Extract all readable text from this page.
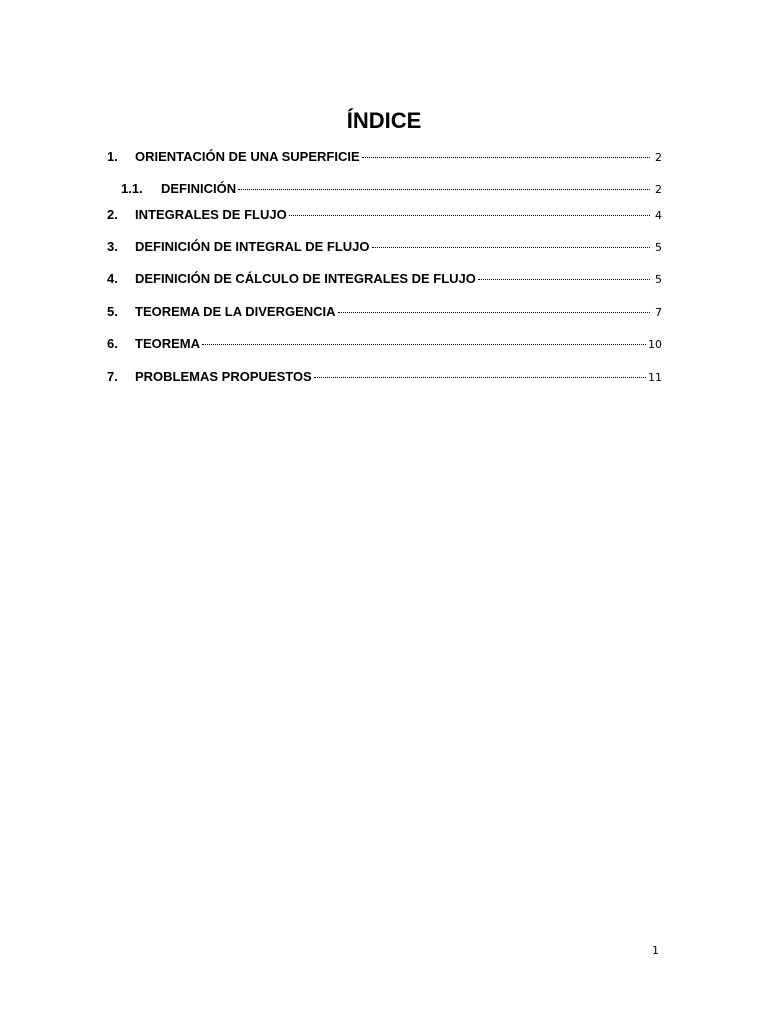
ÍNDICE
1.	ORIENTACIÓN DE UNA SUPERFICIE	2
1.1.	DEFINICIÓN	2
2.	INTEGRALES DE FLUJO	4
3.	DEFINICIÓN DE INTEGRAL DE FLUJO	5
4.	DEFINICIÓN DE CÁLCULO DE INTEGRALES DE FLUJO	5
5.	TEOREMA DE LA DIVERGENCIA	7
6.	TEOREMA	10
7.	PROBLEMAS PROPUESTOS	11
1
